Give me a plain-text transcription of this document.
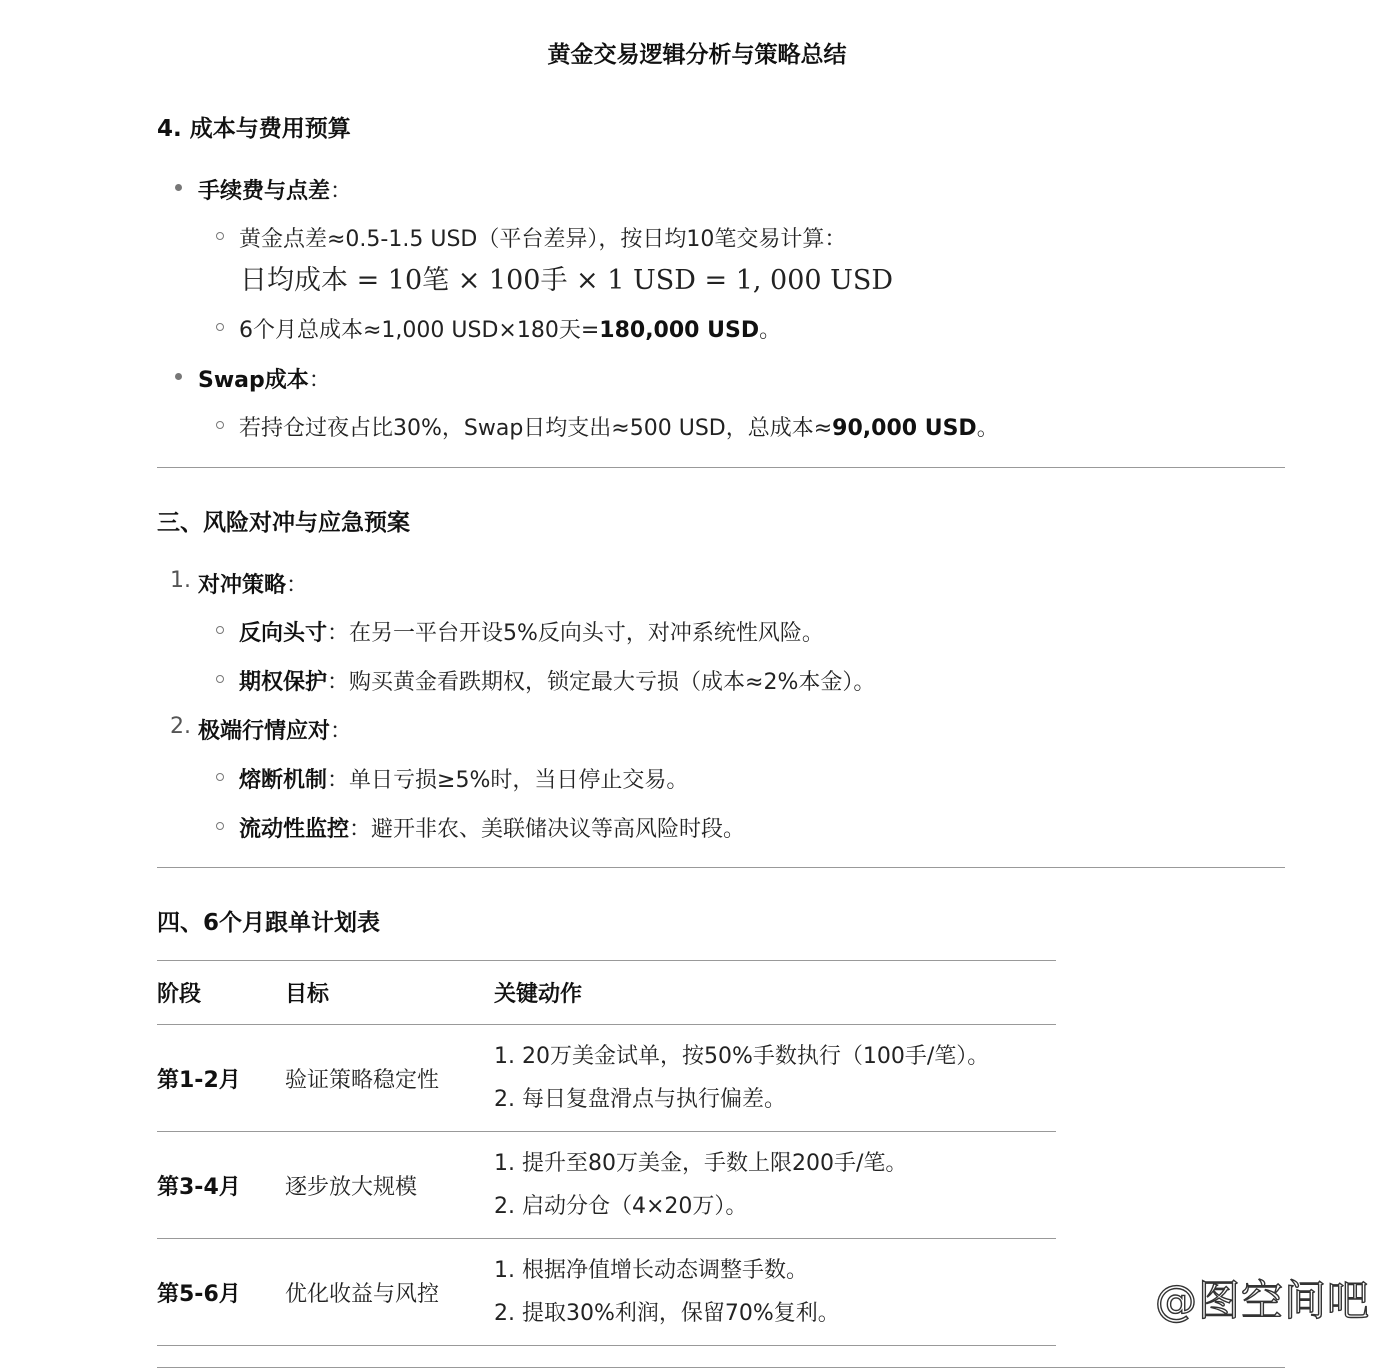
黄金交易逻辑分析与策略总结
4. 成本与费用预算
手续费与点差：
黄金点差≈0.5-1.5 USD（平台差异），按日均10笔交易计算：
日均成本 = 10笔 × 100手 × 1 USD = 1, 000 USD
6个月总成本≈1,000 USD×180天=180,000 USD。
Swap成本：
若持仓过夜占比30%，Swap日均支出≈500 USD，总成本≈90,000 USD。
三、风险对冲与应急预案
1. 对冲策略：
反向头寸：在另一平台开设5%反向头寸，对冲系统性风险。
期权保护：购买黄金看跌期权，锁定最大亏损（成本≈2%本金）。
2. 极端行情应对：
熔断机制：单日亏损≥5%时，当日停止交易。
流动性监控：避开非农、美联储决议等高风险时段。
四、6个月跟单计划表
阶段	目标	关键动作
第1-2月	验证策略稳定性	1. 20万美金试单，按50%手数执行（100手/笔）。
2. 每日复盘滑点与执行偏差。

第3-4月	逐步放大规模	1. 提升至80万美金，手数上限200手/笔。
2. 启动分仓（4×20万）。

第5-6月	优化收益与风控	1. 根据净值增长动态调整手数。
2. 提取30%利润，保留70%复利。	@图空间吧
